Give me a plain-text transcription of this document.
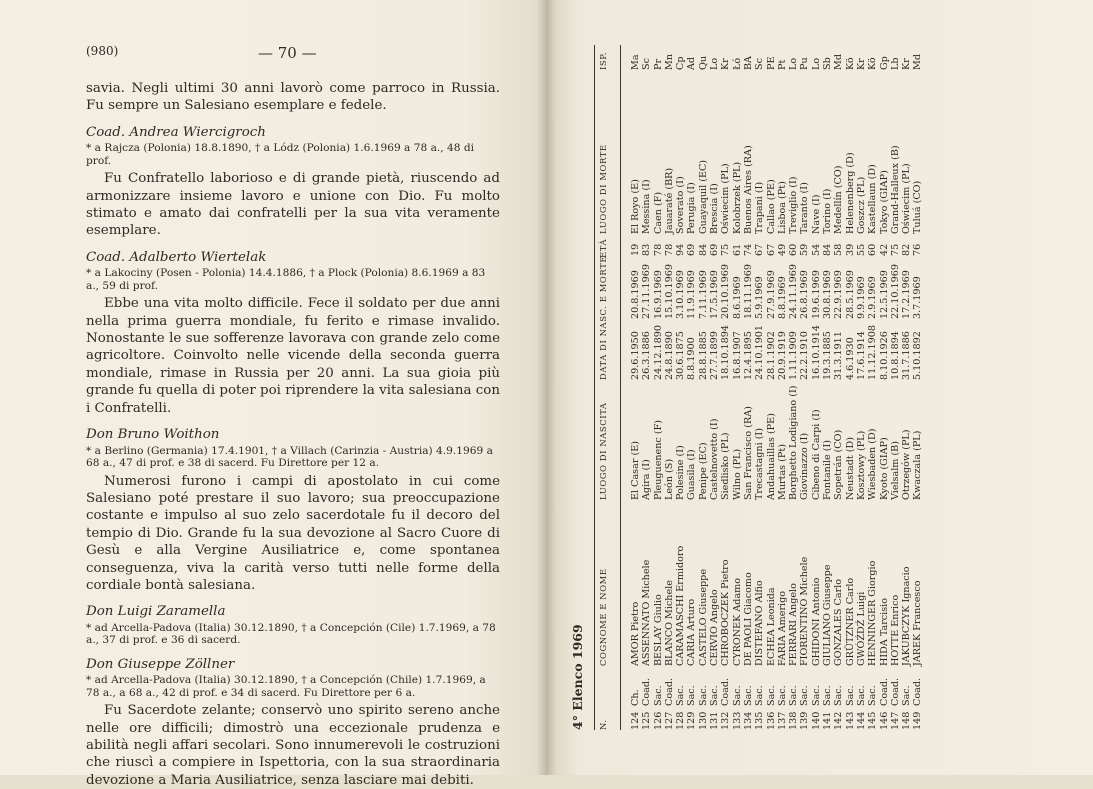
(980)	— 70 —

savia. Negli ultimi 30 anni lavorò come parroco in Russia. Fu sempre un Salesiano esemplare e fedele.

Coad. Andrea Wiercigroch

* a Rajcza (Polonia) 18.8.1890, † a Lódz (Polonia) 1.6.1969 a 78 a., 48 di prof.

Fu Confratello laborioso e di grande pietà, riuscendo ad armonizzare insieme lavoro e unione con Dio. Fu molto stimato e amato dai confratelli per la sua vita veramente esemplare.

Coad. Adalberto Wiertelak

* a Lakociny (Posen - Polonia) 14.4.1886, † a Plock (Polonia) 8.6.1969 a 83 a., 59 di prof.

Ebbe una vita molto difficile. Fece il soldato per due anni nella prima guerra mondiale, fu ferito e rimase invalido. Nonostante le sue sofferenze lavorava con grande zelo come agricoltore. Coinvolto nelle vicende della seconda guerra mondiale, rimase in Russia per 20 anni. La sua gioia più grande fu quella di poter poi riprendere la vita salesiana con i Confratelli.

Don Bruno Woithon

* a Berlino (Germania) 17.4.1901, † a Villach (Carinzia - Austria) 4.9.1969 a 68 a., 47 di prof. e 38 di sacerd. Fu Direttore per 12 a.

Numerosi furono i campi di apostolato in cui come Salesiano poté prestare il suo lavoro; sua preoccupazione costante e impulso al suo zelo sacerdotale fu il decoro del tempio di Dio. Grande fu la sua devozione al Sacro Cuore di Gesù e alla Vergine Ausiliatrice e, come spontanea conseguenza, viva la carità verso tutti nelle forme della cordiale bontà salesiana.

Don Luigi Zaramella

* ad Arcella-Padova (Italia) 30.12.1890, † a Concepción (Cile) 1.7.1969, a 78 a., 37 di prof. e 36 di sacerd.

Don Giuseppe Zöllner

* ad Arcella-Padova (Italia) 30.12.1890, † a Concepción (Chile) 1.7.1969, a 78 a., a 68 a., 42 di prof. e 34 di sacerd. Fu Direttore per 6 a.

Fu Sacerdote zelante; conservò uno spirito sereno anche nelle ore difficili; dimostrò una eccezionale prudenza e abilità negli affari secolari. Sono innumerevoli le costruzioni che riuscì a compiere in Ispettoria, con la sua straordinaria devozione a Maria Ausiliatrice, senza lasciare mai debiti.

4° Elenco 1969 N.
COGNOME E NOME
LUOGO DI NASCITA
DATA DI NASC. E MORTE
ETÀ
LUOGO DI MORTE
ISP.
124
Ch.
AMOR Pietro
El Casar (E)
29.6.1950
20.8.1969
19
El Royo (E)
Ma
125
Coad.
ASSENNATO Michele
Agira (I)
26.3.1886
27.11.1969
83
Messina (I)
Sc
126
Sac.
BESLAY Giulio
Pleuguenenc (F)
24.12.1890
16.9.1969
78
Caen (F)
Pr
127
Coad.
BLANCO Michele
León (S)
24.8.1890
15.10.1969
78
Jauaraté (BR)
Mn
128
Sac.
CARAMASCHI Ermidoro
Polesine (I)
30.6.1875
3.10.1969
94
Soverato (I)
Cp
129
Sac.
CARIA Arturo
Guasila (I)
8.8.1900
11.9.1969
69
Perugia (I)
Ad
130
Sac.
CASTELO Giuseppe
Penipe (EC)
28.8.1885
7.11.1969
84
Guayaquil (EC)
Qu
131
Sac.
CERVIO Angelo
Castelnovetto (I)
27.7.1899
17.5.1969
69
Brescia (I)
Lo
132
Coad.
CHROBOCZEK Pietro
Siedlisko (PL)
18.10.1894
20.10.1969
75
Oświecim (PL)
Kr
133
Sac.
CYRONEK Adamo
Wilno (PL)
16.8.1907
8.6.1969
61
Kolobrzek (PL)
Łó
134
Sac.
DE PAOLI Giacomo
San Francisco (RA)
12.4.1895
18.11.1969
74
Buenos Aires (RA)
BA
135
Sac.
DISTEFANO Alfio
Trecastagni (I)
24.10.1901
5.9.1969
67
Trapani (I)
Sc
136
Sac.
ECHEA Leonida
Andahuaillas (PE)
28.1.1902
27.9.1969
67
Callao (PE)
PE
137
Sac.
FARIA Amerigo
Murtas (Pt)
20.9.1919
8.8.1969
49
Lisboa (Pt)
Pt
138
Sac.
FERRARI Angelo
Borghetto Lodigiano (I)
1.11.1909
24.11.1969
60
Treviglio (I)
Lo
139
Sac.
FIORENTINO Michele
Giovinazzo (I)
22.2.1910
26.8.1969
59
Taranto (I)
Pu
140
Sac.
GHIDONI Antonio
Cibeno di Carpi (I)
16.10.1914
19.6.1969
54
Nave (I)
Lo
141
Sac.
GIULIANO Giuseppe
Fontanile (I)
19.3.1885
30.8.1969
84
Torino (I)
Sb
142
Sac.
GONZALES Carlo
Sopetrán (CO)
31.3.1911
22.9.1969
58
Medellín (CO)
Md
143
Sac.
GRÜTZNER Carlo
Neustadt (D)
4.6.1930
28.5.1969
39
Helenenberg (D)
Kö
144
Sac.
GWÓŹDŹ Luigi
Kosztowy (PL)
17.6.1914
9.9.1969
55
Goszcz (PL)
Kr
145
Sac.
HENNINGER Giorgio
Wiesbaden (D)
11.12.1908
2.9.1969
60
Kastellaun (D)
Kö
146
Coad.
HIDA Tarcisio
Kyoto (GIAP)
8.10.1926
12.5.1969
42
Tokyo (GIAP)
Gp
147
Coad.
HOTTE Enrico
Vielsalm (B)
10.8.1894
22.10.1969
75
Grand-Halleux (B)
Lb
148
Sac.
JAKUBCZYK Ignacio
Otrzegów (PL)
31.7.1886
17.2.1969
82
Oświecim (PL)
Kr
149
Coad.
JAREK Francesco
Kwaczala (PL)
5.10.1892
3.7.1969
76
Tuluá (CO)
Md
